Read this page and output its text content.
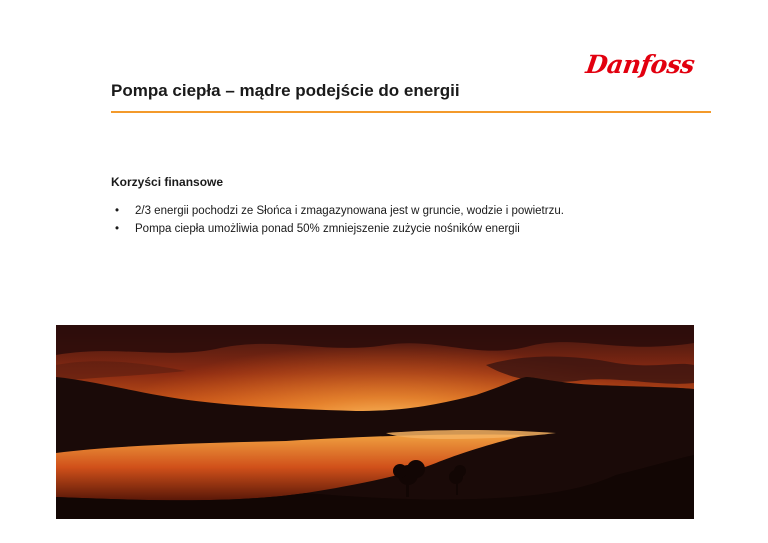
Danfoss
Pompa ciepła – mądre podejście do energii
Korzyści finansowe
•	2/3 energii pochodzi ze Słońca i zmagazynowana jest w gruncie, wodzie i powietrzu.
•	Pompa ciepła umożliwia ponad 50% zmniejszenie zużycie nośników energii
